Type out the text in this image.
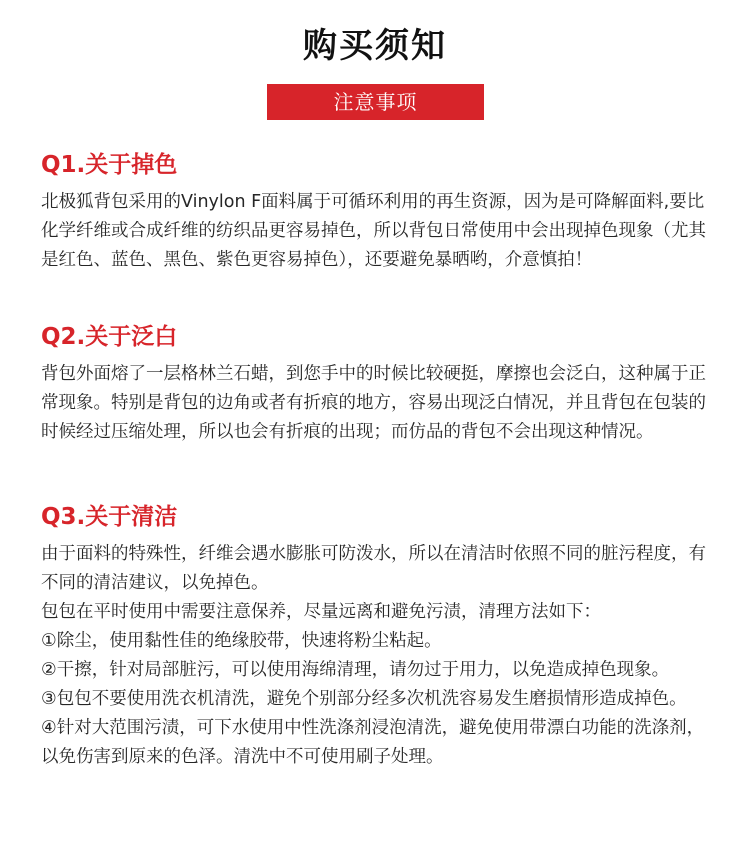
购买须知
注意事项
Q1.关于掉色

北极狐背包采用的Vinylon F面料属于可循环利用的再生资源，因为是可降解面料,要比化学纤维或合成纤维的纺织品更容易掉色，所以背包日常使用中会出现掉色现象（尤其是红色、蓝色、黑色、紫色更容易掉色），还要避免暴晒哟，介意慎拍！

Q2.关于泛白

背包外面熔了一层格林兰石蜡，到您手中的时候比较硬挺，摩擦也会泛白，这种属于正常现象。特别是背包的边角或者有折痕的地方，容易出现泛白情况，并且背包在包装的时候经过压缩处理，所以也会有折痕的出现；而仿品的背包不会出现这种情况。

Q3.关于清洁

由于面料的特殊性，纤维会遇水膨胀可防泼水，所以在清洁时依照不同的脏污程度，有不同的清洁建议，以免掉色。

包包在平时使用中需要注意保养，尽量远离和避免污渍，清理方法如下：

①除尘，使用黏性佳的绝缘胶带，快速将粉尘粘起。

②干擦，针对局部脏污，可以使用海绵清理，请勿过于用力，以免造成掉色现象。

③包包不要使用洗衣机清洗，避免个别部分经多次机洗容易发生磨损情形造成掉色。

④针对大范围污渍，可下水使用中性洗涤剂浸泡清洗，避免使用带漂白功能的洗涤剂，以免伤害到原来的色泽。清洗中不可使用刷子处理。
